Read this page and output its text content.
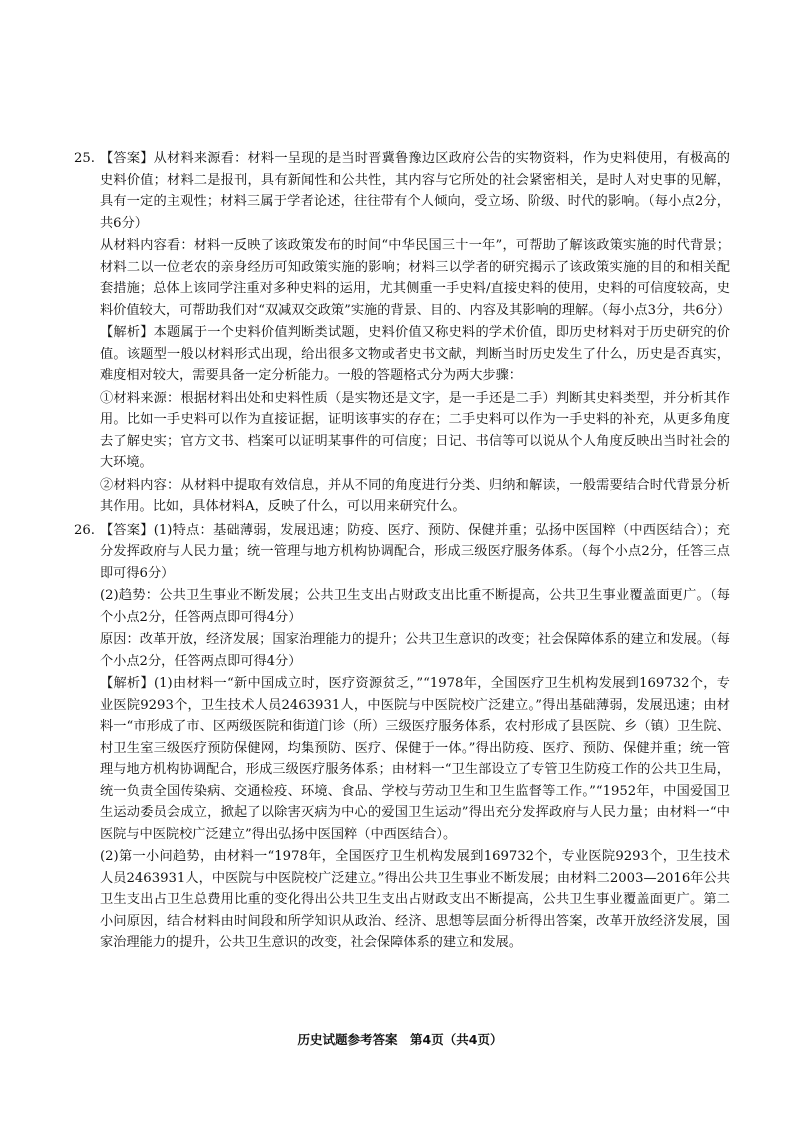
25. 【答案】从材料来源看：材料一呈现的是当时晋冀鲁豫边区政府公告的实物资料，作为史料使用，有极高的史料价值；材料二是报刊，具有新闻性和公共性，其内容与它所处的社会紧密相关，是时人对史事的见解，具有一定的主观性；材料三属于学者论述，往往带有个人倾向，受立场、阶级、时代的影响。（每小点2分，共6分）

从材料内容看：材料一反映了该政策发布的时间“中华民国三十一年”，可帮助了解该政策实施的时代背景；材料二以一位老农的亲身经历可知政策实施的影响；材料三以学者的研究揭示了该政策实施的目的和相关配套措施；总体上该同学注重对多种史料的运用，尤其侧重一手史料/直接史料的使用，史料的可信度较高，史料价值较大，可帮助我们对“双减双交政策”实施的背景、目的、内容及其影响的理解。（每小点3分，共6分）

【解析】本题属于一个史料价值判断类试题，史料价值又称史料的学术价值，即历史材料对于历史研究的价值。该题型一般以材料形式出现，给出很多文物或者史书文献，判断当时历史发生了什么，历史是否真实，难度相对较大，需要具备一定分析能力。一般的答题格式分为两大步骤：

①材料来源：根据材料出处和史料性质（是实物还是文字，是一手还是二手）判断其史料类型，并分析其作用。比如一手史料可以作为直接证据，证明该事实的存在；二手史料可以作为一手史料的补充，从更多角度去了解史实；官方文书、档案可以证明某事件的可信度；日记、书信等可以说从个人角度反映出当时社会的大环境。

②材料内容：从材料中提取有效信息，并从不同的角度进行分类、归纳和解读，一般需要结合时代背景分析其作用。比如，具体材料A，反映了什么，可以用来研究什么。

26. 【答案】(1)特点：基础薄弱，发展迅速；防疫、医疗、预防、保健并重；弘扬中医国粹（中西医结合）；充分发挥政府与人民力量；统一管理与地方机构协调配合，形成三级医疗服务体系。（每个小点2分，任答三点即可得6分）

(2)趋势：公共卫生事业不断发展；公共卫生支出占财政支出比重不断提高，公共卫生事业覆盖面更广。（每个小点2分，任答两点即可得4分）

原因：改革开放，经济发展；国家治理能力的提升；公共卫生意识的改变；社会保障体系的建立和发展。（每个小点2分，任答两点即可得4分）

【解析】(1)由材料一“新中国成立时，医疗资源贫乏，”“1978年，全国医疗卫生机构发展到169732个，专业医院9293个，卫生技术人员2463931人，中医院与中医院校广泛建立。”得出基础薄弱，发展迅速；由材料一“市形成了市、区两级医院和街道门诊（所）三级医疗服务体系，农村形成了县医院、乡（镇）卫生院、村卫生室三级医疗预防保健网，均集预防、医疗、保健于一体。”得出防疫、医疗、预防、保健并重；统一管理与地方机构协调配合，形成三级医疗服务体系；由材料一“卫生部设立了专管卫生防疫工作的公共卫生局，统一负责全国传染病、交通检疫、环境、食品、学校与劳动卫生和卫生监督等工作。”“1952年，中国爱国卫生运动委员会成立，掀起了以除害灭病为中心的爱国卫生运动”得出充分发挥政府与人民力量；由材料一“中医院与中医院校广泛建立”得出弘扬中医国粹（中西医结合）。

(2)第一小问趋势，由材料一“1978年，全国医疗卫生机构发展到169732个，专业医院9293个，卫生技术人员2463931人，中医院与中医院校广泛建立。”得出公共卫生事业不断发展；由材料二2003—2016年公共卫生支出占卫生总费用比重的变化得出公共卫生支出占财政支出不断提高，公共卫生事业覆盖面更广。第二小问原因，结合材料由时间段和所学知识从政治、经济、思想等层面分析得出答案，改革开放经济发展，国家治理能力的提升，公共卫生意识的改变，社会保障体系的建立和发展。

历史试题参考答案　第4页（共4页）
